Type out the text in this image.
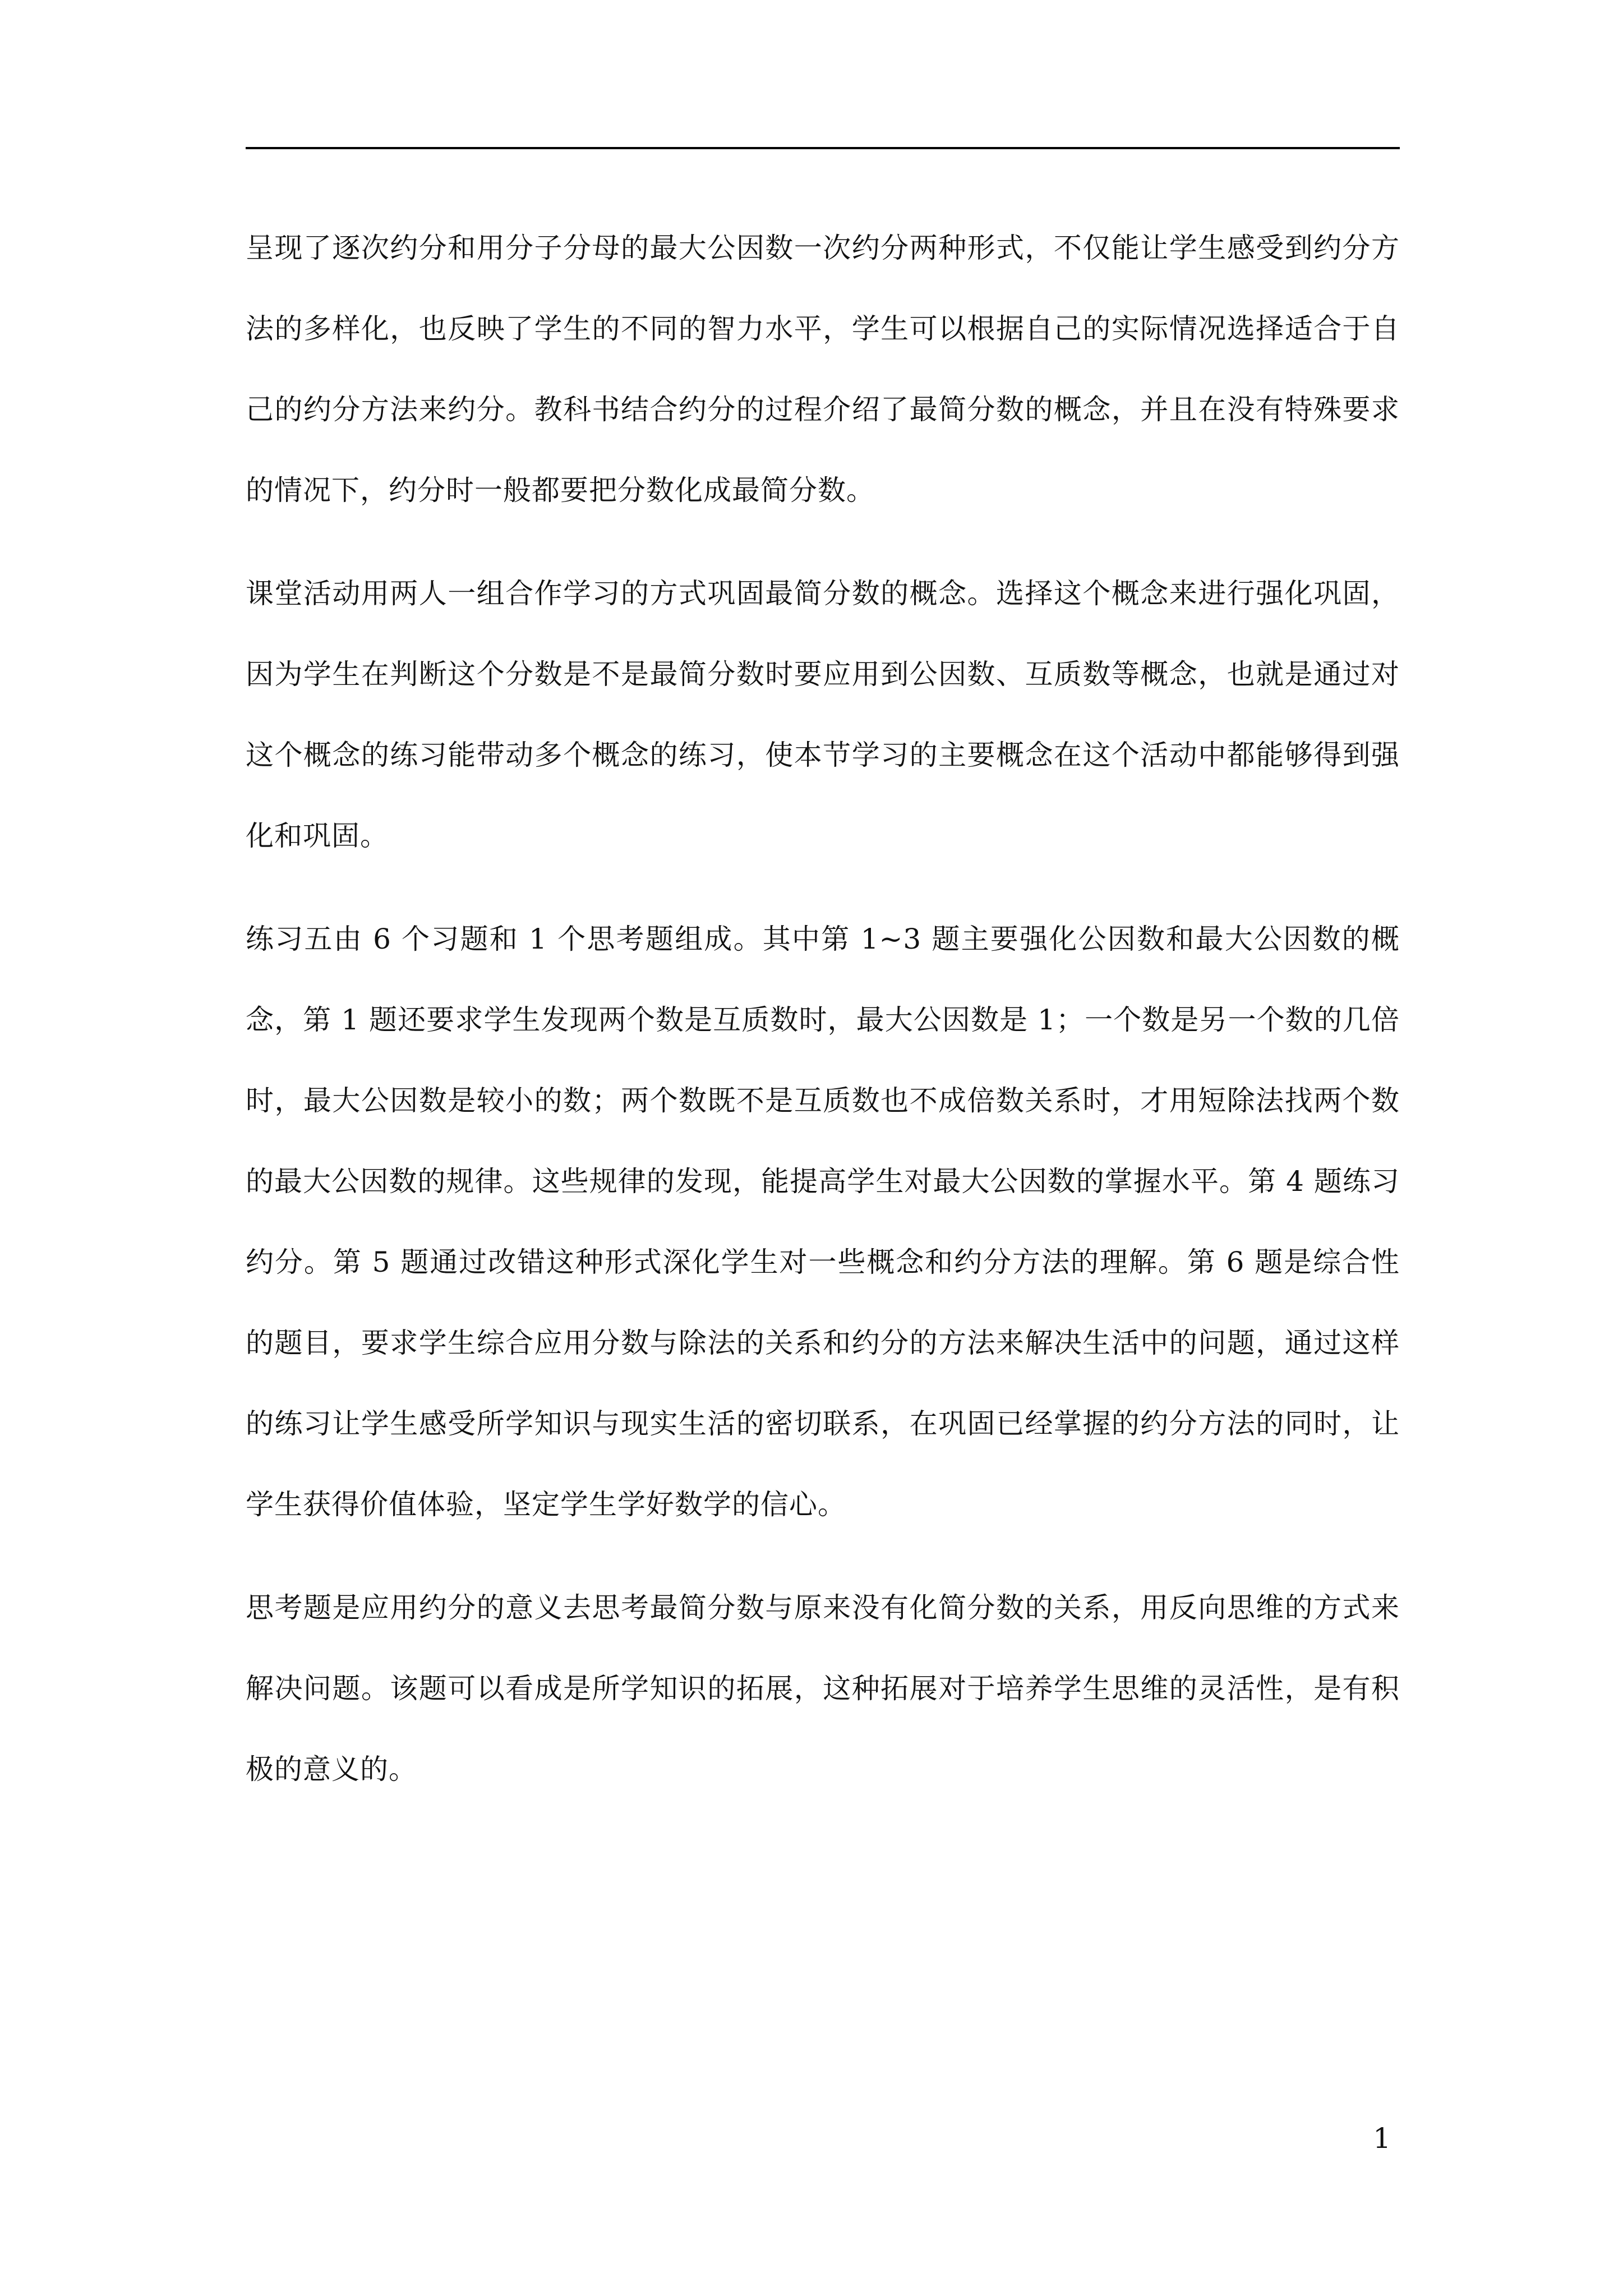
呈现了逐次约分和用分子分母的最大公因数一次约分两种形式，不仅能让学生感受到约分方法的多样化，也反映了学生的不同的智力水平，学生可以根据自己的实际情况选择适合于自己的约分方法来约分。教科书结合约分的过程介绍了最简分数的概念，并且在没有特殊要求的情况下，约分时一般都要把分数化成最简分数。

课堂活动用两人一组合作学习的方式巩固最简分数的概念。选择这个概念来进行强化巩固，因为学生在判断这个分数是不是最简分数时要应用到公因数、互质数等概念，也就是通过对这个概念的练习能带动多个概念的练习，使本节学习的主要概念在这个活动中都能够得到强化和巩固。

练习五由 6 个习题和 1 个思考题组成。其中第 1~3 题主要强化公因数和最大公因数的概念，第 1 题还要求学生发现两个数是互质数时，最大公因数是 1；一个数是另一个数的几倍时，最大公因数是较小的数；两个数既不是互质数也不成倍数关系时，才用短除法找两个数的最大公因数的规律。这些规律的发现，能提高学生对最大公因数的掌握水平。第 4 题练习约分。第 5 题通过改错这种形式深化学生对一些概念和约分方法的理解。第 6 题是综合性的题目，要求学生综合应用分数与除法的关系和约分的方法来解决生活中的问题，通过这样的练习让学生感受所学知识与现实生活的密切联系，在巩固已经掌握的约分方法的同时，让学生获得价值体验，坚定学生学好数学的信心。

思考题是应用约分的意义去思考最简分数与原来没有化简分数的关系，用反向思维的方式来解决问题。该题可以看成是所学知识的拓展，这种拓展对于培养学生思维的灵活性，是有积极的意义的。

1
